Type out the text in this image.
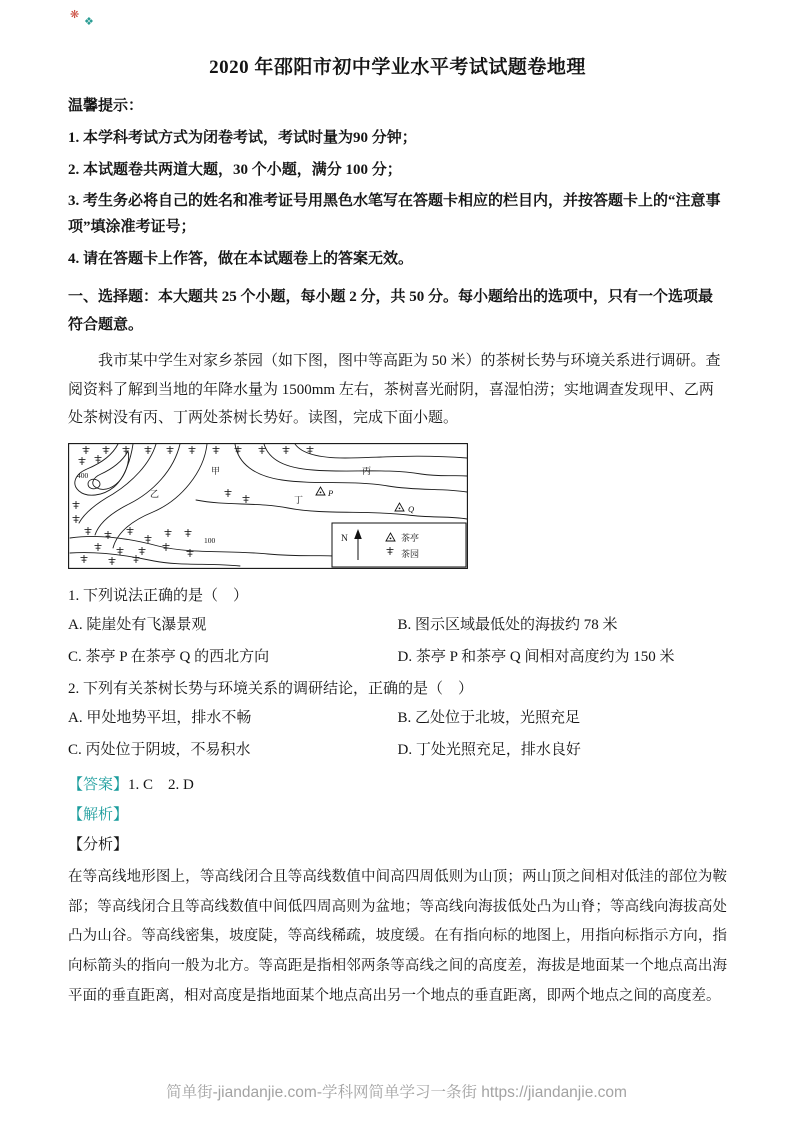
❋ $_❖$
2020 年邵阳市初中学业水平考试试题卷地理

温馨提示：

1. 本学科考试方式为闭卷考试，考试时量为90 分钟；

2. 本试题卷共两道大题，30 个小题，满分 100 分；

3. 考生务必将自己的姓名和准考证号用黑色水笔写在答题卡相应的栏目内，并按答题卡上的“注意事项”填涂准考证号；

4. 请在答题卡上作答，做在本试题卷上的答案无效。

一、选择题：本大题共 25 个小题，每小题 2 分，共 50 分。每小题给出的选项中，只有一个选项最符合题意。

我市某中学生对家乡茶园（如下图，图中等高距为 50 米）的茶树长势与环境关系进行调研。查阅资料了解到当地的年降水量为 1500mm 左右，茶树喜光耐阴，喜湿怕涝；实地调查发现甲、乙两处茶树没有丙、丁两处茶树长势好。读图，完成下面小题。

400
100
甲
乙
丙
丁
P
Q
N	茶亭
茶园

1. 下列说法正确的是（　）

A. 陡崖处有飞瀑景观	B. 图示区域最低处的海拔约 78 米
C. 茶亭 P 在茶亭 Q 的西北方向	D. 茶亭 P 和茶亭 Q 间相对高度约为 150 米

2. 下列有关茶树长势与环境关系的调研结论，正确的是（　）

A. 甲处地势平坦，排水不畅	B. 乙处位于北坡，光照充足
C. 丙处位于阴坡，不易积水	D. 丁处光照充足，排水良好

【答案】1. C    2. D

【解析】

【分析】

在等高线地形图上，等高线闭合且等高线数值中间高四周低则为山顶；两山顶之间相对低洼的部位为鞍部；等高线闭合且等高线数值中间低四周高则为盆地；等高线向海拔低处凸为山脊；等高线向海拔高处凸为山谷。等高线密集，坡度陡，等高线稀疏，坡度缓。在有指向标的地图上，用指向标指示方向，指向标箭头的指向一般为北方。等高距是指相邻两条等高线之间的高度差，海拔是地面某一个地点高出海平面的垂直距离，相对高度是指地面某个地点高出另一个地点的垂直距离，即两个地点之间的高度差。

简单街-jiandanjie.com-学科网简单学习一条街 https://jiandanjie.com
